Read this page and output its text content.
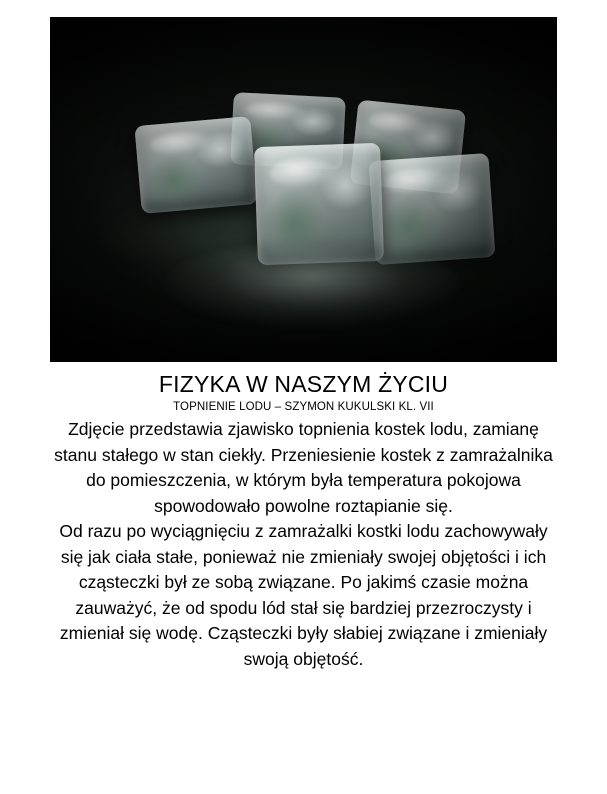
FIZYKA W NASZYM ŻYCIU
TOPNIENIE LODU – SZYMON KUKULSKI KL. VII

Zdjęcie przedstawia zjawisko topnienia kostek lodu, zamianę stanu stałego w stan ciekły. Przeniesienie kostek z zamrażalnika do pomieszczenia, w którym była temperatura pokojowa spowodowało powolne roztapianie się.

Od razu po wyciągnięciu z zamrażalki kostki lodu zachowywały się jak ciała stałe, ponieważ nie zmieniały swojej objętości i ich cząsteczki był ze sobą związane. Po jakimś czasie można zauważyć, że od spodu lód stał się bardziej przezroczysty i zmieniał się wodę. Cząsteczki były słabiej związane i zmieniały swoją objętość.
